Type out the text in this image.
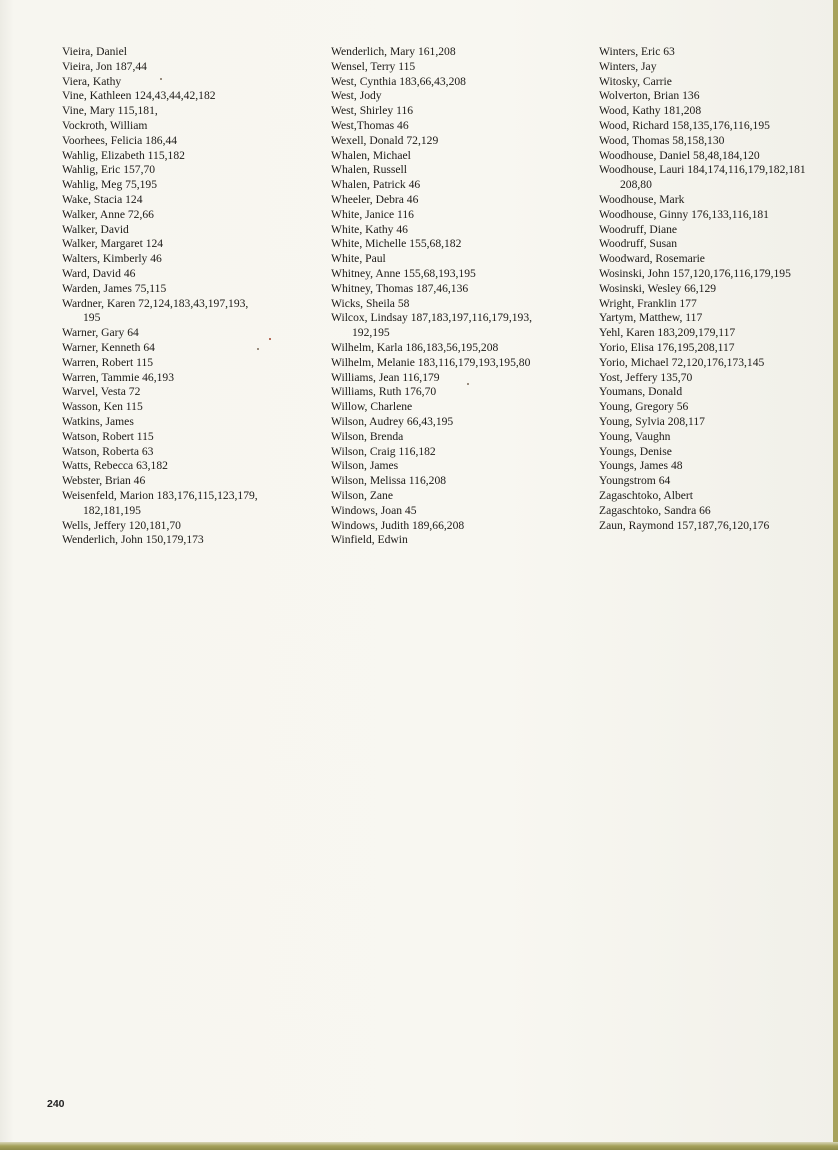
Vieira, Daniel
Vieira, Jon 187,44
Viera, Kathy
Vine, Kathleen 124,43,44,42,182
Vine, Mary 115,181,
Vockroth, William
Voorhees, Felicia 186,44
Wahlig, Elizabeth 115,182
Wahlig, Eric 157,70
Wahlig, Meg 75,195
Wake, Stacia 124
Walker, Anne 72,66
Walker, David
Walker, Margaret 124
Walters, Kimberly 46
Ward, David 46
Warden, James 75,115
Wardner, Karen 72,124,183,43,197,193,
195
Warner, Gary 64
Warner, Kenneth 64
Warren, Robert 115
Warren, Tammie 46,193
Warvel, Vesta 72
Wasson, Ken 115
Watkins, James
Watson, Robert 115
Watson, Roberta 63
Watts, Rebecca 63,182
Webster, Brian 46
Weisenfeld, Marion 183,176,115,123,179,
182,181,195
Wells, Jeffery 120,181,70
Wenderlich, John 150,179,173
Wenderlich, Mary 161,208
Wensel, Terry 115
West, Cynthia 183,66,43,208
West, Jody
West, Shirley 116
West,Thomas 46
Wexell, Donald 72,129
Whalen, Michael
Whalen, Russell
Whalen, Patrick 46
Wheeler, Debra 46
White, Janice 116
White, Kathy 46
White, Michelle 155,68,182
White, Paul
Whitney, Anne 155,68,193,195
Whitney, Thomas 187,46,136
Wicks, Sheila 58
Wilcox, Lindsay 187,183,197,116,179,193,
192,195
Wilhelm, Karla 186,183,56,195,208
Wilhelm, Melanie 183,116,179,193,195,80
Williams, Jean 116,179
Williams, Ruth 176,70
Willow, Charlene
Wilson, Audrey 66,43,195
Wilson, Brenda
Wilson, Craig 116,182
Wilson, James
Wilson, Melissa 116,208
Wilson, Zane
Windows, Joan 45
Windows, Judith 189,66,208
Winfield, Edwin
Winters, Eric 63
Winters, Jay
Witosky, Carrie
Wolverton, Brian 136
Wood, Kathy 181,208
Wood, Richard 158,135,176,116,195
Wood, Thomas 58,158,130
Woodhouse, Daniel 58,48,184,120
Woodhouse, Lauri 184,174,116,179,182,181
208,80
Woodhouse, Mark
Woodhouse, Ginny 176,133,116,181
Woodruff, Diane
Woodruff, Susan
Woodward, Rosemarie
Wosinski, John 157,120,176,116,179,195
Wosinski, Wesley 66,129
Wright, Franklin 177
Yartym, Matthew, 117
Yehl, Karen 183,209,179,117
Yorio, Elisa 176,195,208,117
Yorio, Michael 72,120,176,173,145
Yost, Jeffery 135,70
Youmans, Donald
Young, Gregory 56
Young, Sylvia 208,117
Young, Vaughn
Youngs, Denise
Youngs, James 48
Youngstrom 64
Zagaschtoko, Albert
Zagaschtoko, Sandra 66
Zaun, Raymond 157,187,76,120,176
240
